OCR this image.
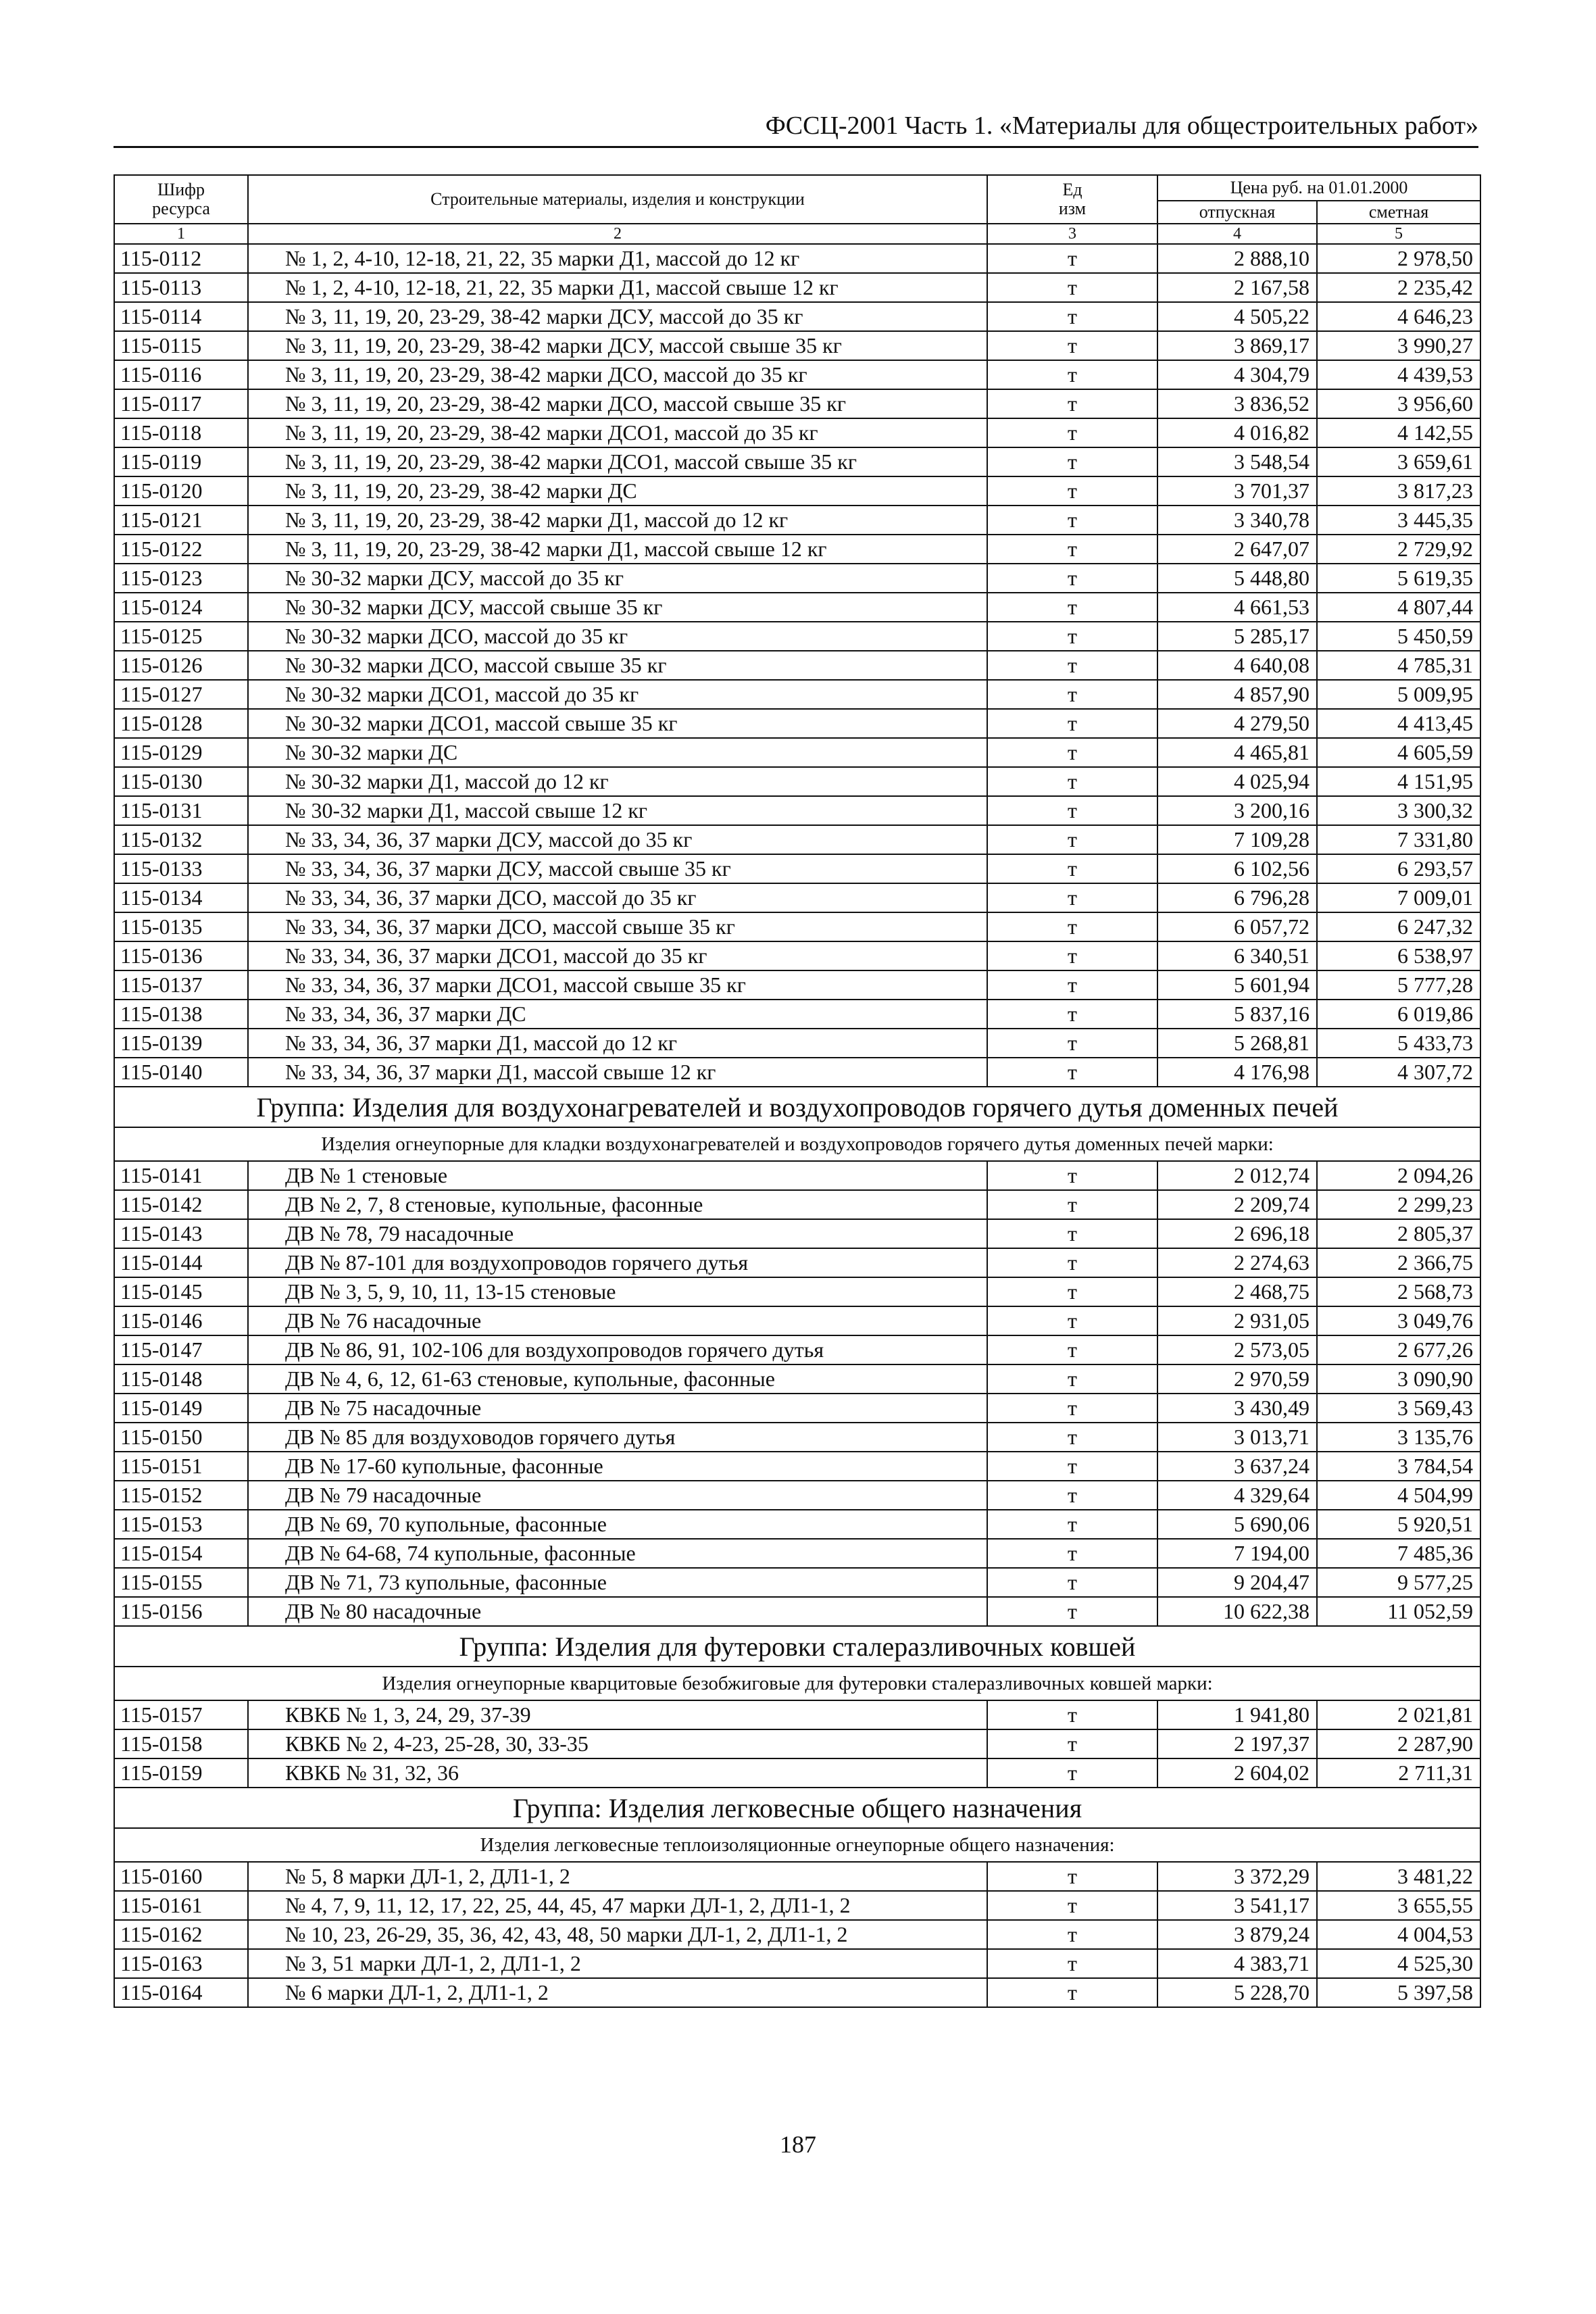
ФССЦ-2001 Часть 1. «Материалы для общестроительных работ»
Шифр ресурса	Строительные материалы, изделия и конструкции	Ед изм	Цена руб. на 01.01.2000	
			отпускная	сметная
1	2	3	4	5
115-0112	№ 1, 2, 4-10, 12-18, 21, 22, 35 марки Д1, массой до 12 кг	т	2 888,10	2 978,50
115-0113	№ 1, 2, 4-10, 12-18, 21, 22, 35 марки Д1, массой свыше 12 кг	т	2 167,58	2 235,42
115-0114	№ 3, 11, 19, 20, 23-29, 38-42 марки ДСУ, массой до 35 кг	т	4 505,22	4 646,23
115-0115	№ 3, 11, 19, 20, 23-29, 38-42 марки ДСУ, массой свыше 35 кг	т	3 869,17	3 990,27
115-0116	№ 3, 11, 19, 20, 23-29, 38-42 марки ДСО, массой до 35 кг	т	4 304,79	4 439,53
115-0117	№ 3, 11, 19, 20, 23-29, 38-42 марки ДСО, массой свыше 35 кг	т	3 836,52	3 956,60
115-0118	№ 3, 11, 19, 20, 23-29, 38-42 марки ДСО1, массой до 35 кг	т	4 016,82	4 142,55
115-0119	№ 3, 11, 19, 20, 23-29, 38-42 марки ДСО1, массой свыше 35 кг	т	3 548,54	3 659,61
115-0120	№ 3, 11, 19, 20, 23-29, 38-42 марки ДС	т	3 701,37	3 817,23
115-0121	№ 3, 11, 19, 20, 23-29, 38-42 марки Д1, массой до 12 кг	т	3 340,78	3 445,35
115-0122	№ 3, 11, 19, 20, 23-29, 38-42 марки Д1, массой свыше 12 кг	т	2 647,07	2 729,92
115-0123	№ 30-32 марки ДСУ, массой до 35 кг	т	5 448,80	5 619,35
115-0124	№ 30-32 марки ДСУ, массой свыше 35 кг	т	4 661,53	4 807,44
115-0125	№ 30-32 марки ДСО, массой до 35 кг	т	5 285,17	5 450,59
115-0126	№ 30-32 марки ДСО, массой свыше 35 кг	т	4 640,08	4 785,31
115-0127	№ 30-32 марки ДСО1, массой до 35 кг	т	4 857,90	5 009,95
115-0128	№ 30-32 марки ДСО1, массой свыше 35 кг	т	4 279,50	4 413,45
115-0129	№ 30-32 марки ДС	т	4 465,81	4 605,59
115-0130	№ 30-32 марки Д1, массой до 12 кг	т	4 025,94	4 151,95
115-0131	№ 30-32 марки Д1, массой свыше 12 кг	т	3 200,16	3 300,32
115-0132	№ 33, 34, 36, 37 марки ДСУ, массой до 35 кг	т	7 109,28	7 331,80
115-0133	№ 33, 34, 36, 37 марки ДСУ, массой свыше 35 кг	т	6 102,56	6 293,57
115-0134	№ 33, 34, 36, 37 марки ДСО, массой до 35 кг	т	6 796,28	7 009,01
115-0135	№ 33, 34, 36, 37 марки ДСО, массой свыше 35 кг	т	6 057,72	6 247,32
115-0136	№ 33, 34, 36, 37 марки ДСО1, массой до 35 кг	т	6 340,51	6 538,97
115-0137	№ 33, 34, 36, 37 марки ДСО1, массой свыше 35 кг	т	5 601,94	5 777,28
115-0138	№ 33, 34, 36, 37 марки ДС	т	5 837,16	6 019,86
115-0139	№ 33, 34, 36, 37 марки Д1, массой до 12 кг	т	5 268,81	5 433,73
115-0140	№ 33, 34, 36, 37 марки Д1, массой свыше 12 кг	т	4 176,98	4 307,72
Группа: Изделия для воздухонагревателей и воздухопроводов горячего дутья доменных печей				
Изделия огнеупорные для кладки воздухонагревателей и воздухопроводов горячего дутья доменных печей марки:				
115-0141	ДВ № 1 стеновые	т	2 012,74	2 094,26
115-0142	ДВ № 2, 7, 8 стеновые, купольные, фасонные	т	2 209,74	2 299,23
115-0143	ДВ № 78, 79 насадочные	т	2 696,18	2 805,37
115-0144	ДВ № 87-101 для воздухопроводов горячего дутья	т	2 274,63	2 366,75
115-0145	ДВ № 3, 5, 9, 10, 11, 13-15 стеновые	т	2 468,75	2 568,73
115-0146	ДВ № 76 насадочные	т	2 931,05	3 049,76
115-0147	ДВ № 86, 91, 102-106 для воздухопроводов горячего дутья	т	2 573,05	2 677,26
115-0148	ДВ № 4, 6, 12, 61-63 стеновые, купольные, фасонные	т	2 970,59	3 090,90
115-0149	ДВ № 75 насадочные	т	3 430,49	3 569,43
115-0150	ДВ № 85 для воздуховодов горячего дутья	т	3 013,71	3 135,76
115-0151	ДВ № 17-60 купольные, фасонные	т	3 637,24	3 784,54
115-0152	ДВ № 79 насадочные	т	4 329,64	4 504,99
115-0153	ДВ № 69, 70 купольные, фасонные	т	5 690,06	5 920,51
115-0154	ДВ № 64-68, 74 купольные, фасонные	т	7 194,00	7 485,36
115-0155	ДВ № 71, 73 купольные, фасонные	т	9 204,47	9 577,25
115-0156	ДВ № 80 насадочные	т	10 622,38	11 052,59
Группа: Изделия для футеровки сталеразливочных ковшей				
Изделия огнеупорные кварцитовые безобжиговые для футеровки сталеразливочных ковшей марки:				
115-0157	КВКБ № 1, 3, 24, 29, 37-39	т	1 941,80	2 021,81
115-0158	КВКБ № 2, 4-23, 25-28, 30, 33-35	т	2 197,37	2 287,90
115-0159	КВКБ № 31, 32, 36	т	2 604,02	2 711,31
Группа: Изделия легковесные общего назначения				
Изделия легковесные теплоизоляционные огнеупорные общего назначения:				
115-0160	№ 5, 8 марки ДЛ-1, 2, ДЛ1-1, 2	т	3 372,29	3 481,22
115-0161	№ 4, 7, 9, 11, 12, 17, 22, 25, 44, 45, 47 марки ДЛ-1, 2, ДЛ1-1, 2	т	3 541,17	3 655,55
115-0162	№ 10, 23, 26-29, 35, 36, 42, 43, 48, 50 марки ДЛ-1, 2, ДЛ1-1, 2	т	3 879,24	4 004,53
115-0163	№ 3, 51 марки ДЛ-1, 2, ДЛ1-1, 2	т	4 383,71	4 525,30
115-0164	№ 6 марки ДЛ-1, 2, ДЛ1-1, 2	т	5 228,70	5 397,58
187
